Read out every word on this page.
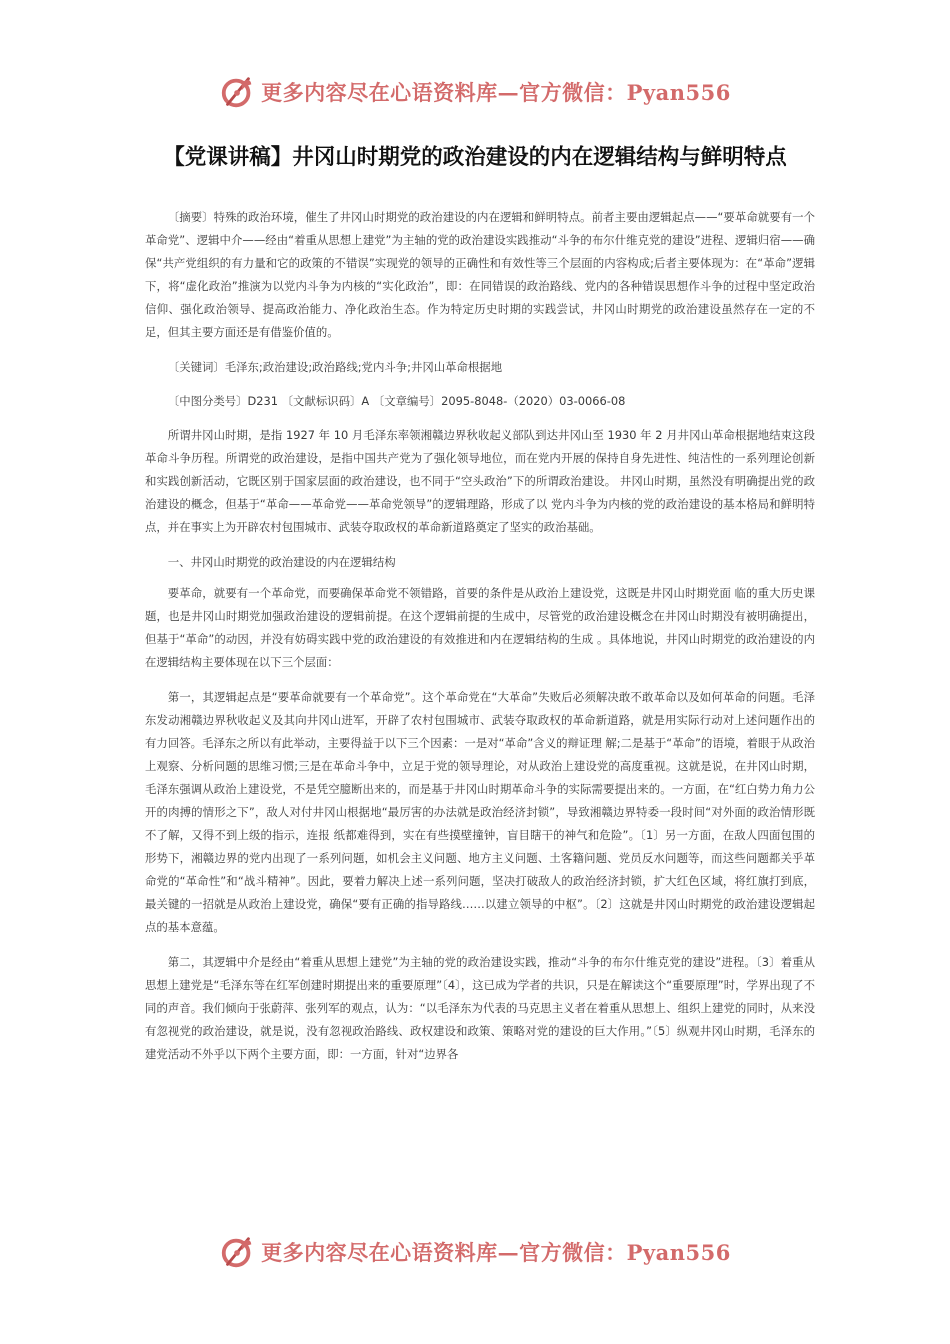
更多内容尽在心语资料库—官方微信：Pyan556
【党课讲稿】井冈山时期党的政治建设的内在逻辑结构与鲜明特点

〔摘要〕特殊的政治环境，催生了井冈山时期党的政治建设的内在逻辑和鲜明特点。前者主要由逻辑起点——“要革命就要有一个革命党”、逻辑中介——经由“着重从思想上建党”为主轴的党的政治建设实践推动“斗争的布尔什维克党的建设”进程、逻辑归宿——确保“共产党组织的有力量和它的政策的不错误”实现党的领导的正确性和有效性等三个层面的内容构成;后者主要体现为：在“革命”逻辑下，将“虚化政治”推演为以党内斗争为内核的“实化政治”，即：在同错误的政治路线、党内的各种错误思想作斗争的过程中坚定政治信仰、强化政治领导、提高政治能力、净化政治生态。作为特定历史时期的实践尝试，井冈山时期党的政治建设虽然存在一定的不足，但其主要方面还是有借鉴价值的。

〔关键词〕毛泽东;政治建设;政治路线;党内斗争;井冈山革命根据地

〔中图分类号〕D231 〔文献标识码〕A 〔文章编号〕2095-8048-（2020）03-0066-08

所谓井冈山时期，是指 1927 年 10 月毛泽东率领湘赣边界秋收起义部队到达井冈山至 1930 年 2 月井冈山革命根据地结束这段革命斗争历程。所谓党的政治建设，是指中国共产党为了强化领导地位，而在党内开展的保持自身先进性、纯洁性的一系列理论创新和实践创新活动，它既区别于国家层面的政治建设，也不同于“空头政治”下的所谓政治建设。 井冈山时期，虽然没有明确提出党的政治建设的概念，但基于“革命——革命党——革命党领导”的逻辑理路，形成了以 党内斗争为内核的党的政治建设的基本格局和鲜明特点，并在事实上为开辟农村包围城市、武装夺取政权的革命新道路奠定了坚实的政治基础。

一、井冈山时期党的政治建设的内在逻辑结构

要革命，就要有一个革命党，而要确保革命党不领错路，首要的条件是从政治上建设党，这既是井冈山时期党面 临的重大历史课题，也是井冈山时期党加强政治建设的逻辑前提。在这个逻辑前提的生成中，尽管党的政治建设概念在井冈山时期没有被明确提出，但基于“革命”的动因，并没有妨碍实践中党的政治建设的有效推进和内在逻辑结构的生成 。具体地说，井冈山时期党的政治建设的内在逻辑结构主要体现在以下三个层面：

第一，其逻辑起点是“要革命就要有一个革命党”。这个革命党在“大革命”失败后必须解决敢不敢革命以及如何革命的问题。毛泽东发动湘赣边界秋收起义及其向井冈山进军，开辟了农村包围城市、武装夺取政权的革命新道路，就是用实际行动对上述问题作出的有力回答。毛泽东之所以有此举动，主要得益于以下三个因素：一是对“革命”含义的辩证理 解;二是基于“革命”的语境，着眼于从政治上观察、分析问题的思维习惯;三是在革命斗争中，立足于党的领导理论，对从政治上建设党的高度重视。这就是说，在井冈山时期，毛泽东强调从政治上建设党，不是凭空臆断出来的，而是基于井冈山时期革命斗争的实际需要提出来的。一方面，在“红白势力角力公开的肉搏的情形之下”，敌人对付井冈山根据地“最厉害的办法就是政治经济封锁”，导致湘赣边界特委一段时间“对外面的政治情形既不了解，又得不到上级的指示，连报 纸都难得到，实在有些摸壁撞钟，盲目瞎干的神气和危险”。〔1〕另一方面，在敌人四面包围的形势下，湘赣边界的党内出现了一系列问题，如机会主义问题、地方主义问题、土客籍问题、党员反水问题等，而这些问题都关乎革命党的“革命性”和“战斗精神”。因此，要着力解决上述一系列问题，坚决打破敌人的政治经济封锁，扩大红色区域，将红旗打到底， 最关键的一招就是从政治上建设党，确保“要有正确的指导路线……以建立领导的中枢”。〔2〕这就是井冈山时期党的政治建设逻辑起点的基本意蕴。

第二，其逻辑中介是经由“着重从思想上建党”为主轴的党的政治建设实践，推动“斗争的布尔什维克党的建设”进程。〔3〕着重从思想上建党是“毛泽东等在红军创建时期提出来的重要原理”〔4〕，这已成为学者的共识，只是在解读这个“重要原理”时，学界出现了不同的声音。我们倾向于张蔚萍、张列军的观点，认为：“以毛泽东为代表的马克思主义者在着重从思想上、组织上建党的同时，从来没有忽视党的政治建设，就是说，没有忽视政治路线、政权建设和政策、策略对党的建设的巨大作用。”〔5〕纵观井冈山时期，毛泽东的建党活动不外乎以下两个主要方面，即：一方面，针对“边界各

更多内容尽在心语资料库—官方微信：Pyan556
